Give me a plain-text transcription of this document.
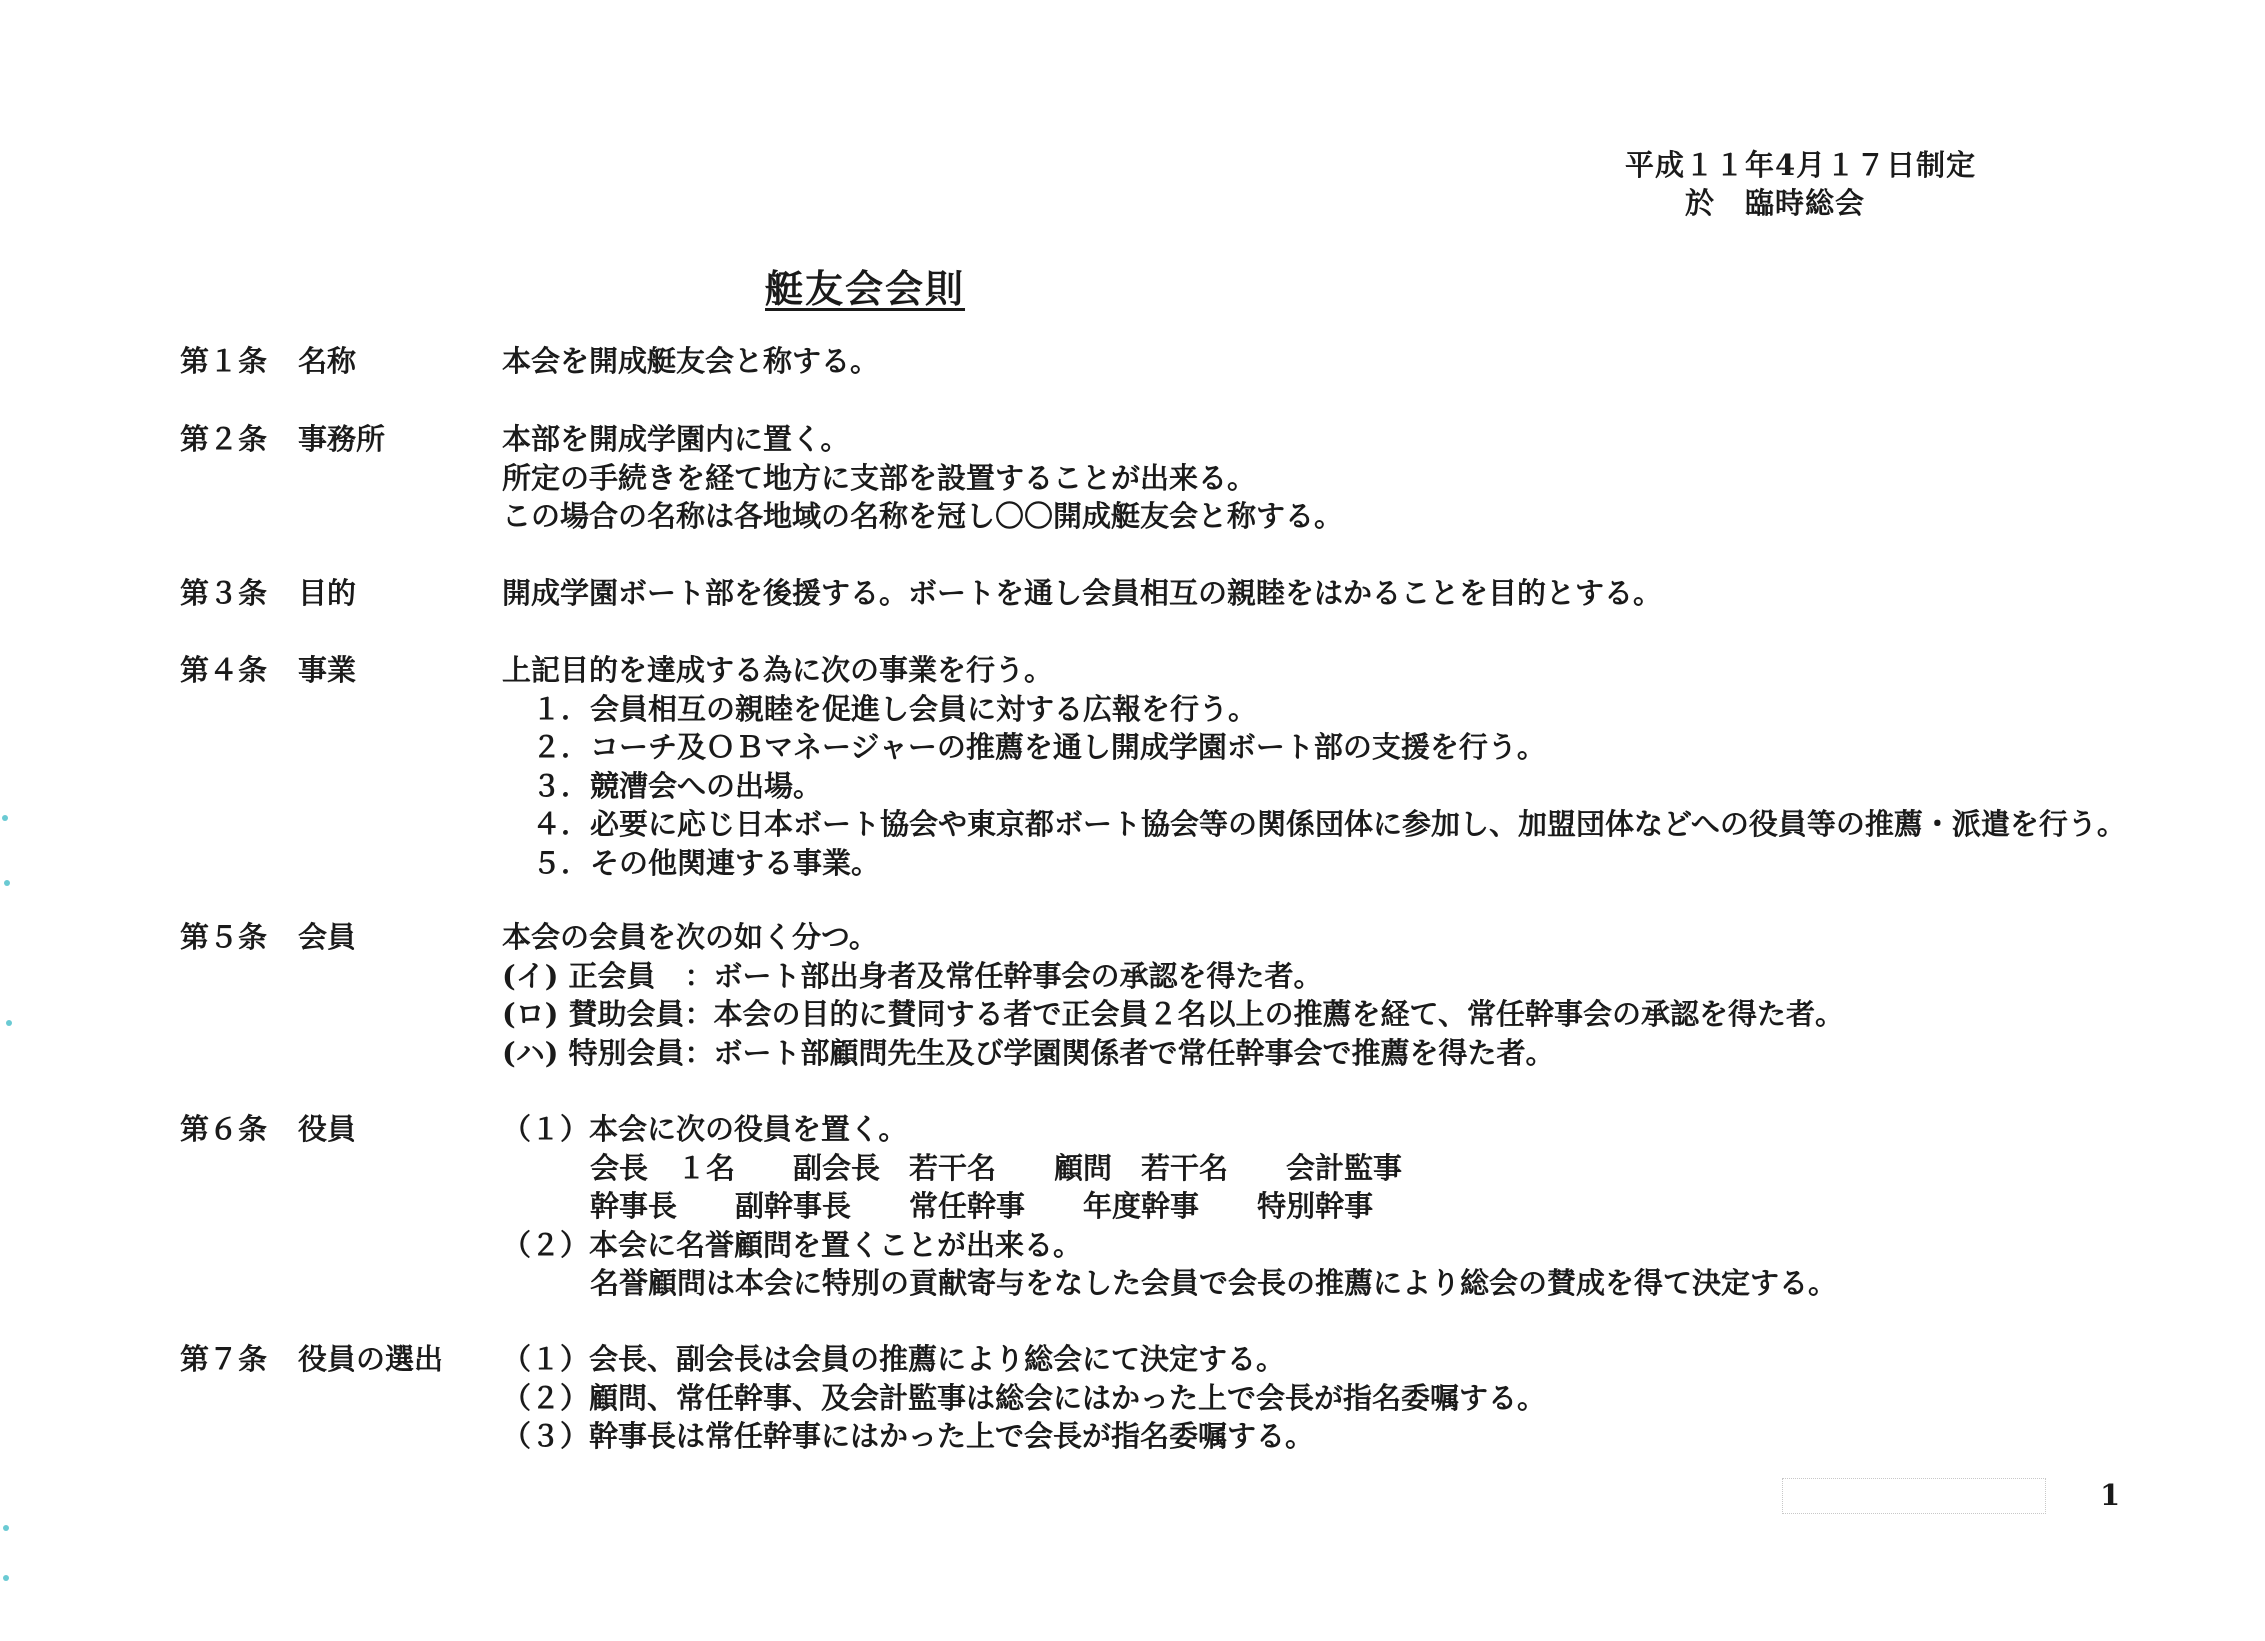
平成１１年4月１７日制定
於　臨時総会
艇友会会則
第１条	名称	本会を開成艇友会と称する。
第２条	事務所	本部を開成学園内に置く。
所定の手続きを経て地方に支部を設置することが出来る。
この場合の名称は各地域の名称を冠し〇〇開成艇友会と称する。
第３条	目的	開成学園ボート部を後援する。ボートを通し会員相互の親睦をはかることを目的とする。
第４条	事業	上記目的を達成する為に次の事業を行う。
１．会員相互の親睦を促進し会員に対する広報を行う。
２．コーチ及ＯＢマネージャーの推薦を通し開成学園ボート部の支援を行う。
３．競漕会への出場。
４．必要に応じ日本ボート協会や東京都ボート協会等の関係団体に参加し、加盟団体などへの役員等の推薦・派遣を行う。
５．その他関連する事業。
第５条	会員	本会の会員を次の如く分つ。
(イ) 正会員　：ボート部出身者及常任幹事会の承認を得た者。
(ロ) 賛助会員：本会の目的に賛同する者で正会員２名以上の推薦を経て、常任幹事会の承認を得た者。
(ハ) 特別会員：ボート部顧問先生及び学園関係者で常任幹事会で推薦を得た者。
第６条	役員	（１）本会に次の役員を置く。
会長　１名 副会長　若干名 顧問　若干名 会計監事
幹事長 副幹事長 常任幹事 年度幹事 特別幹事
（２）本会に名誉顧問を置くことが出来る。
名誉顧問は本会に特別の貢献寄与をなした会員で会長の推薦により総会の賛成を得て決定する。
第７条	役員の選出 （１）会長、副会長は会員の推薦により総会にて決定する。
（２）顧問、常任幹事、及会計監事は総会にはかった上で会長が指名委嘱する。
（３）幹事長は常任幹事にはかった上で会長が指名委嘱する。
1
